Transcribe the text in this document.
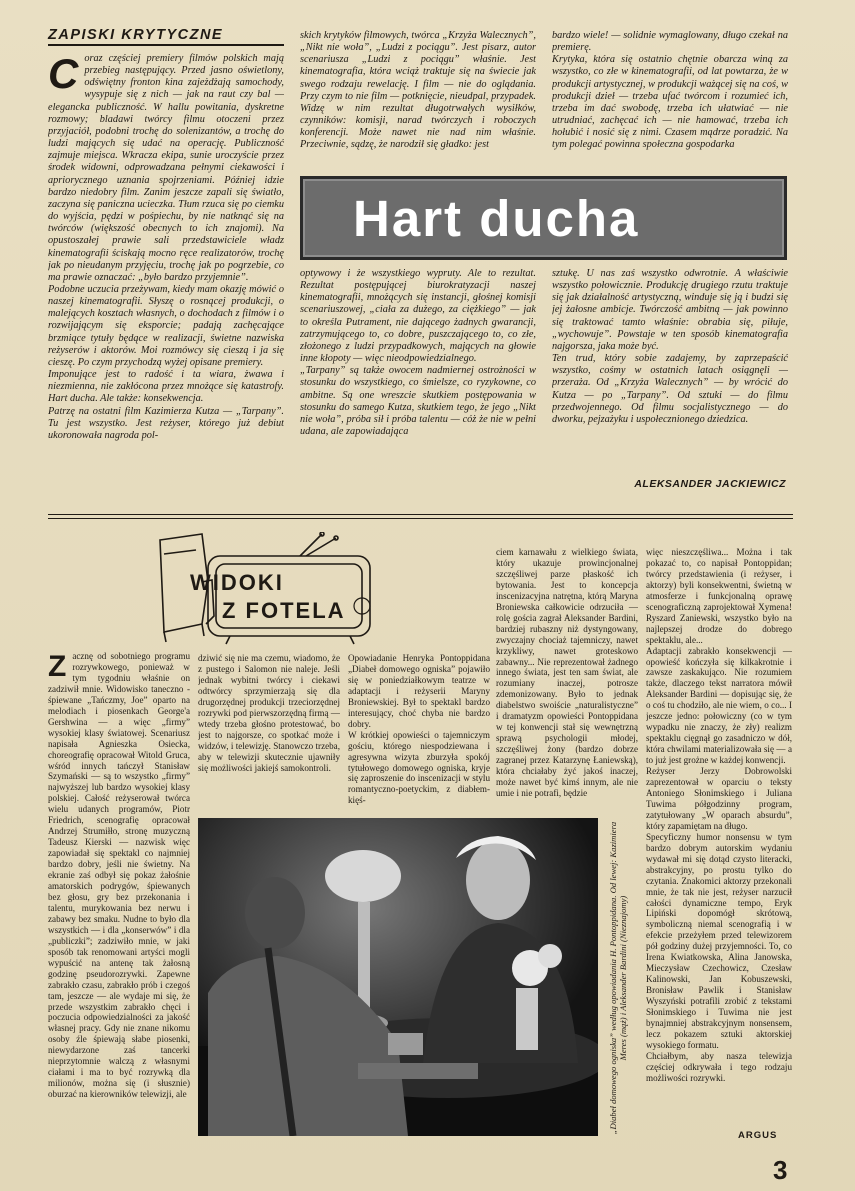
ZAPISKI KRYTYCZNE
Coraz częściej premiery filmów polskich mają przebieg następujący. Przed jasno oświetlony, odświętny fronton kina zajeżdżają samochody, wysypuje się z nich — jak na raut czy bal — elegancka publiczność. W hallu powitania, dyskretne rozmowy; bladawi twórcy filmu otoczeni przez przyjaciół, podobni trochę do solenizantów, a trochę do ludzi mających się udać na operację. Publiczność zajmuje miejsca. Wkracza ekipa, sunie uroczyście przez środek widowni, odprowadzana pełnymi ciekawości i apriorycznego uznania spojrzeniami. Później idzie bardzo niedobry film. Zanim jeszcze zapali się światło, zaczyna się paniczna ucieczka. Tłum rzuca się po ciemku do wyjścia, pędzi w pośpiechu, by nie natknąć się na twórców (większość obecnych to ich znajomi). Na opustoszałej prawie sali przedstawiciele władz kinematografii ściskają mocno ręce realizatorów, trochę jak po nieudanym przyjęciu, trochę jak po pogrzebie, co ma prawie oznaczać: „było bardzo przyjemnie”.
Podobne uczucia przeżywam, kiedy mam okazję mówić o naszej kinematografii. Słyszę o rosnącej produkcji, o malejących kosztach własnych, o dochodach z filmów i o rozwijającym się eksporcie; padają zachęcające brzmiące tytuły będące w realizacji, świetne nazwiska reżyserów i aktorów. Moi rozmówcy się cieszą i ja się cieszę. Po czym przychodzą wyżej opisane premiery.
Imponujące jest to radość i ta wiara, żwawa i niezmienna, nie zakłócona przez mnożące się katastrofy. Hart ducha. Ale także: konsekwencja.
Patrzę na ostatni film Kazimierza Kutza — „Tarpany”. Tu jest wszystko. Jest reżyser, którego już debiut ukoronowała nagroda pol-
skich krytyków filmowych, twórca „Krzyża Walecznych”, „Nikt nie woła”, „Ludzi z pociągu”. Jest pisarz, autor scenariusza „Ludzi z pociągu” właśnie. Jest kinematografia, która wciąż traktuje się na świecie jak swego rodzaju rewelację. I film — nie do oglądania. Przy czym to nie film — potknięcie, nieudpal, przypadek. Widzę w nim rezultat długotrwałych wysiłków, czynników: komisji, narad twórczych i roboczych konferencji. Może nawet nie nad nim właśnie. Przeciwnie, sądzę, że narodził się gładko: jest
bardzo wiele! — solidnie wymaglowany, długo czekał na premierę.
Krytyka, która się ostatnio chętnie obarcza winą za wszystko, co złe w kinematografii, od lat powtarza, że w produkcji artystycznej, w produkcji ważącej się na coś, w produkcji dzieł — trzeba ufać twórcom i rozumieć ich, trzeba im dać swobodę, trzeba ich ułatwiać — nie utrudniać, zachęcać ich — nie hamować, trzeba ich hołubić i nosić się z nimi. Czasem mądrze poradzić. Na tym polegać powinna społeczna gospodarka
Hart ducha
optywowy i że wszystkiego wypruty. Ale to rezultat. Rezultat postępującej biurokratyzacji naszej kinematografii, mnożących się instancji, głośnej komisji scenariuszowej, „ciała za dużego, za ciężkiego” — jak to określa Putrament, nie dającego żadnych gwarancji, zatrzymującego to, co dobre, puszczającego to, co złe, złożonego z ludzi przypadkowych, mających na głowie inne kłopoty — więc nieodpowiedzialnego.
„Tarpany” są także owocem nadmiernej ostrożności w stosunku do wszystkiego, co śmielsze, co ryzykowne, co ambitne. Są one wreszcie skutkiem postępowania w stosunku do samego Kutza, skutkiem tego, że jego „Nikt nie woła”, próba sił i próba talentu — cóż że nie w pełni udana, ale zapowiadająca
sztukę. U nas zaś wszystko odwrotnie. A właściwie wszystko połowicznie. Produkcję drugiego rzutu traktuje się jak działalność artystyczną, winduje się ją i budzi się jej żałosne ambicje. Twórczość ambitną — jak powinno się traktować tamto właśnie: obrabia się, piłuje, „wychowuje”. Powstaje w ten sposób kinematografia najgorsza, jaka może być.
Ten trud, który sobie zadajemy, by zaprzepaścić wszystko, cośmy w ostatnich latach osiągnęli — przeraża. Od „Krzyża Walecznych” — by wrócić do Kutza — po „Tarpany”. Od sztuki — do filmu przedwojennego. Od filmu socjalistycznego — do dworku, pejzażyku i uspołecznionego dziedzica.
ALEKSANDER JACKIEWICZ
WIDOKI
Z FOTELA
Zacznę od sobotniego programu rozrywkowego, ponieważ w tym tygodniu właśnie on zadziwił mnie. Widowisko taneczno - śpiewane „Tańczmy, Joe” oparto na melodiach i piosenkach George'a Gershwina — a więc „firmy” wysokiej klasy światowej. Scenariusz napisała Agnieszka Osiecka, choreografię opracował Witold Gruca, wśród innych tańczył Stanisław Szymański — są to wszystko „firmy” najwyższej lub bardzo wysokiej klasy polskiej. Całość reżyserował twórca wielu udanych programów, Piotr Friedrich, scenografię opracował Andrzej Strumiłło, stronę muzyczną Tadeusz Kierski — nazwisk więc zapowiadał się spektakl co najmniej bardzo dobry, jeśli nie świetny. Na ekranie zaś odbył się pokaz żałośnie amatorskich podrygów, śpiewanych bez głosu, gry bez przekonania i talentu, murykowania bez nerwu i zabawy bez smaku. Nudne to było dla wszystkich — i dla „konserwów” i dla „publiczki”; zadziwiło mnie, w jaki sposób tak renomowani artyści mogli wypuścić na antenę tak żałosną godzinę pseudorozrywki. Zapewne zabrakło czasu, zabrakło prób i czegoś tam, jeszcze — ale wydaje mi się, że przede wszystkim zabrakło chęci i poczucia odpowiedzialności za jakość własnej pracy. Gdy nie znane nikomu osoby źle śpiewają słabe piosenki, niewydarzone zaś tancerki nieprzytomnie walczą z własnymi ciałami i ma to być rozrywką dla milionów, można się (i słusznie) oburzać na kierowników telewizji, ale
dziwić się nie ma czemu, wiadomo, że z pustego i Salomon nie naleje. Jeśli jednak wybitni twórcy i ciekawi odtwórcy sprzymierzają się dla drugorzędnej produkcji trzeciorzędnej rozrywki pod pierwszorzędną firmą — wtedy trzeba głośno protestować, bo jest to najgorsze, co spotkać może i widzów, i telewizję. Stanowczo trzeba, aby w telewizji skutecznie ujawniły się możliwości jakiejś samokontroli.
Opowiadanie Henryka Pontoppidana „Diabeł domowego ogniska” pojawiło się w poniedziałkowym teatrze w adaptacji i reżyserii Maryny Broniewskiej. Był to spektakl bardzo interesujący, choć chyba nie bardzo dobry.
W krótkiej opowieści o tajemniczym gościu, którego niespodziewana i agresywna wizyta zburzyła spokój tytułowego domowego ogniska, kryje się zaproszenie do inscenizacji w stylu romantyczno-poetyckim, z diabłem-kięś-
ciem karnawału z wielkiego świata, który ukazuje prowincjonalnej szczęśliwej parze płaskość ich bytowania. Jest to koncepcja inscenizacyjna natrętna, którą Maryna Broniewska całkowicie odrzuciła — rolę gościa zagrał Aleksander Bardini, bardziej rubaszny niż dystyngowany, zwyczajny chociaż tajemniczy, nawet krzykliwy, nawet groteskowo zabawny... Nie reprezentował żadnego innego świata, jest ten sam świat, ale rozumiany inaczej, potrosze zdemonizowany. Było to jednak diabelstwo swoiście „naturalistyczne” i dramatyzm opowieści Pontoppidana w tej konwencji stał się wewnętrzną sprawą psychologii młodej, szczęśliwej żony (bardzo dobrze zagranej przez Katarzynę Łaniewską), która chciałaby żyć jakoś inaczej, może nawet być kimś innym, ale nie umie i nie potrafi, będzie
więc nieszczęśliwa... Można i tak pokazać to, co napisał Pontoppidan; twórcy przedstawienia (i reżyser, i aktorzy) byli konsekwentni, świetną w atmosferze i funkcjonalną oprawę scenograficzną zaprojektował Xymena! Ryszard Zaniewski, wszystko było na najlepszej drodze do dobrego spektaklu, ale...
Adaptacji zabrakło konsekwencji — opowieść kończyła się kilkakrotnie i zawsze zaskakująco. Nie rozumiem także, dlaczego tekst narratora mówił Aleksander Bardini — dopisując się, że o coś tu chodziło, ale nie wiem, o co... I jeszcze jedno: połowiczny (co w tym wypadku nie znaczy, że zły) realizm spektaklu cięgnął go zasadniczo w dół, która chwilami materializowała się — a to już jest grożne w każdej konwencji.
Reżyser Jerzy Dobrowolski zaprezentował w oparciu o teksty Antoniego Słonimskiego i Juliana Tuwima półgodzinny program, zatytułowany „W oparach absurdu”, który zapamiętam na długo.
Specyficzny humor nonsensu w tym bardzo dobrym autorskim wydaniu wydawał mi się dotąd czysto literacki, abstrakcyjny, po prostu tylko do czytania. Znakomici aktorzy przekonali mnie, że tak nie jest, reżyser narzucił całości dynamiczne tempo, Eryk Lipiński dopomógł skrótową, symboliczną niemal scenografią i w efekcie przeżyłem przed telewizorem pół godziny dużej przyjemności. To, co Irena Kwiatkowska, Alina Janowska, Mieczysław Czechowicz, Czesław Kalinowski, Jan Kobuszewski, Bronisław Pawlik i Stanisław Wyszyński potrafili zrobić z tekstami Słonimskiego i Tuwima nie jest bynajmniej abstrakcyjnym nonsensem, lecz pokazem sztuki aktorskiej wysokiego formatu.
Chciałbym, aby nasza telewizja częściej odkrywała i tego rodzaju możliwości rozrywki.
„Diabeł domowego ogniska” według opowiadania H. Pontoppidana. Od lewej: Kazimiera Meres (mąż) i Aleksander Bardini (Nieznajomy)
ARGUS
3
